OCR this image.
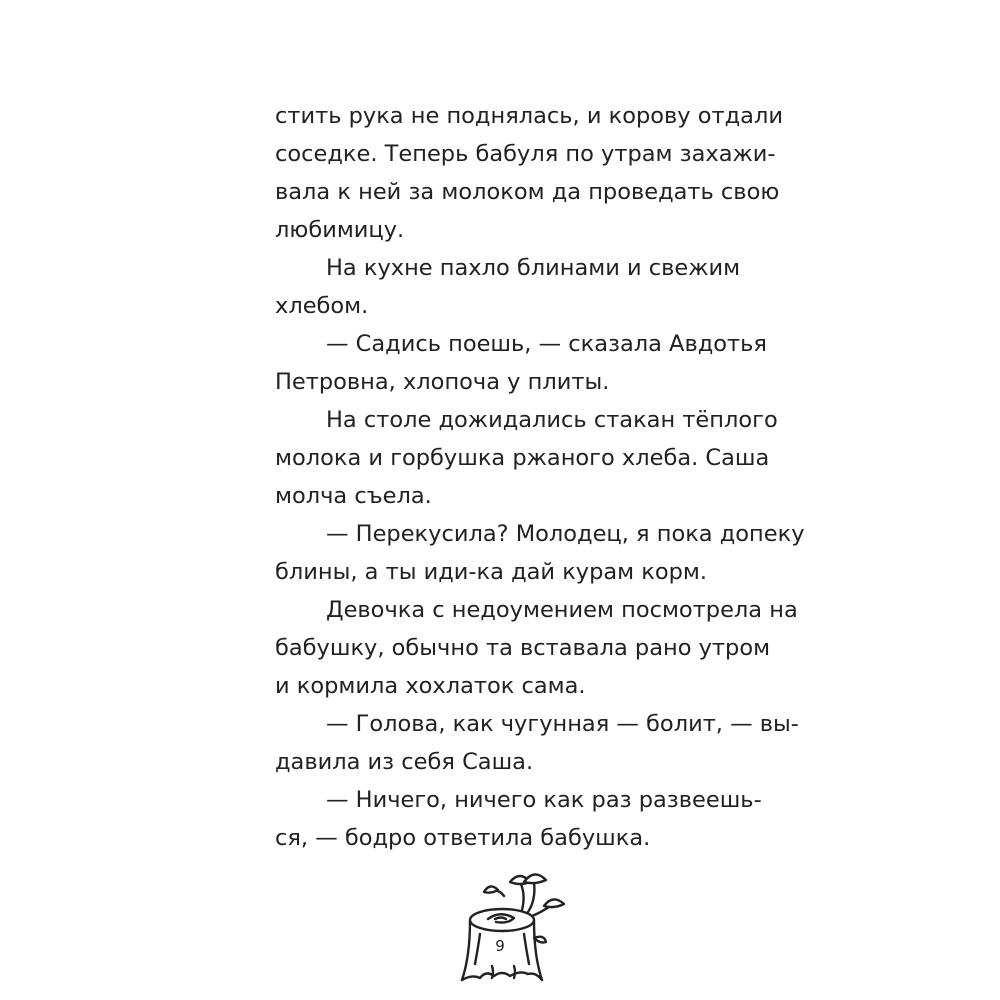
стить рука не поднялась, и корову отдали
соседке. Теперь бабуля по утрам захажи-
вала к ней за молоком да проведать свою
любимицу.
На кухне пахло блинами и свежим
хлебом.
— Садись поешь, — сказала Авдотья
Петровна, хлопоча у плиты.
На столе дожидались стакан тёплого
молока и горбушка ржаного хлеба. Саша
молча съела.
— Перекусила? Молодец, я пока допеку
блины, а ты иди-ка дай курам корм.
Девочка с недоумением посмотрела на
бабушку, обычно та вставала рано утром
и кормила хохлаток сама.
— Голова, как чугунная — болит, — вы-
давила из себя Саша.
— Ничего, ничего как раз развеешь-
ся, — бодро ответила бабушка.
9
